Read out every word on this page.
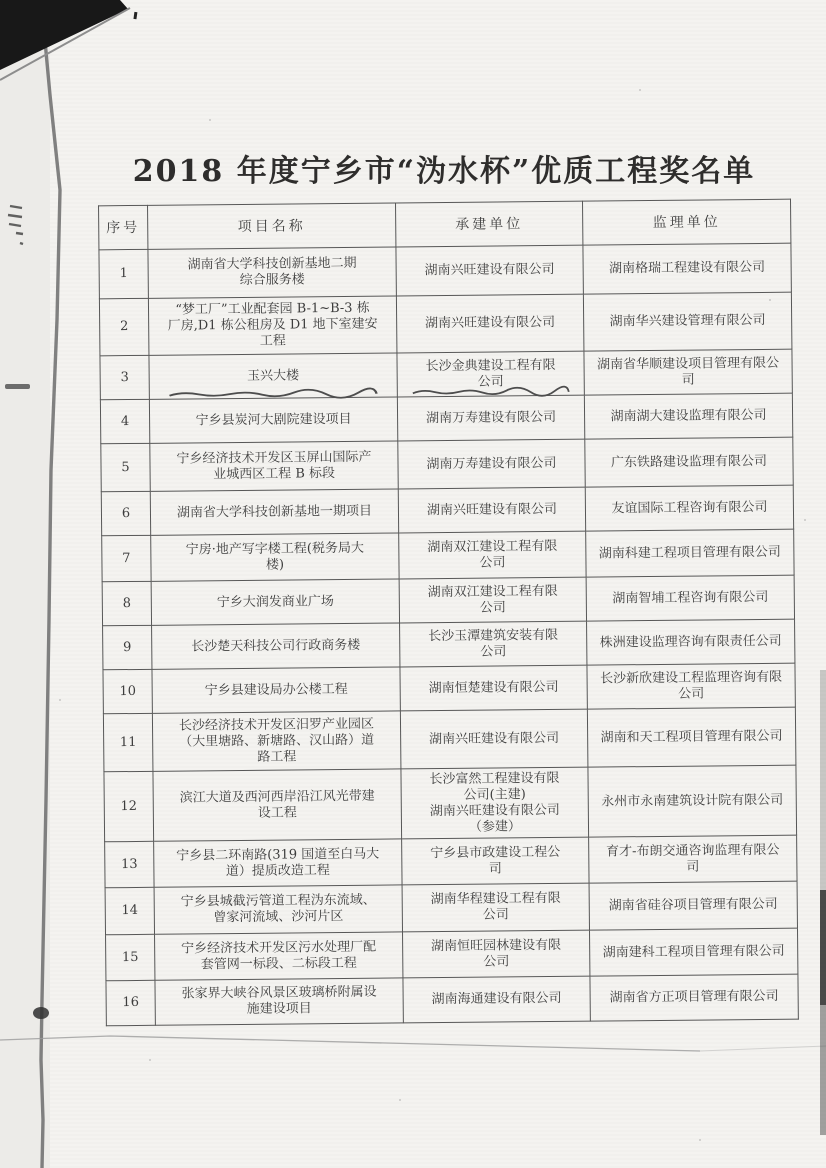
2018 年度宁乡市“沩水杯”优质工程奖名单
序号	项目名称	承建单位	监理单位
1	湖南省大学科技创新基地二期
综合服务楼	湖南兴旺建设有限公司	湖南格瑞工程建设有限公司
2	“梦工厂”工业配套园 B-1~B-3 栋
厂房,D1 栋公租房及 D1 地下室建安
工程	湖南兴旺建设有限公司	湖南华兴建设管理有限公司
3	玉兴大楼	长沙金典建设工程有限
公司	湖南省华顺建设项目管理有限公
司
4	宁乡县炭河大剧院建设项目	湖南万寿建设有限公司	湖南湖大建设监理有限公司
5	宁乡经济技术开发区玉屏山国际产
业城西区工程 B 标段	湖南万寿建设有限公司	广东铁路建设监理有限公司
6	湖南省大学科技创新基地一期项目	湖南兴旺建设有限公司	友谊国际工程咨询有限公司
7	宁房·地产写字楼工程(税务局大
楼)	湖南双江建设工程有限
公司	湖南科建工程项目管理有限公司
8	宁乡大润发商业广场	湖南双江建设工程有限
公司	湖南智埔工程咨询有限公司
9	长沙楚天科技公司行政商务楼	长沙玉潭建筑安装有限
公司	株洲建设监理咨询有限责任公司
10	宁乡县建设局办公楼工程	湖南恒楚建设有限公司	长沙新欣建设工程监理咨询有限
公司
11	长沙经济技术开发区汨罗产业园区
（大里塘路、新塘路、汉山路）道
路工程	湖南兴旺建设有限公司	湖南和天工程项目管理有限公司
12	滨江大道及西河西岸沿江风光带建
设工程	长沙富然工程建设有限
公司(主建)
湖南兴旺建设有限公司
（参建）	永州市永南建筑设计院有限公司
13	宁乡县二环南路(319 国道至白马大
道）提质改造工程	宁乡县市政建设工程公
司	育才-布朗交通咨询监理有限公
司
14	宁乡县城截污管道工程沩东流域、
曾家河流域、沙河片区	湖南华程建设工程有限
公司	湖南省硅谷项目管理有限公司
15	宁乡经济技术开发区污水处理厂配
套管网一标段、二标段工程	湖南恒旺园林建设有限
公司	湖南建科工程项目管理有限公司
16	张家界大峡谷风景区玻璃桥附属设
施建设项目	湖南海通建设有限公司	湖南省方正项目管理有限公司
